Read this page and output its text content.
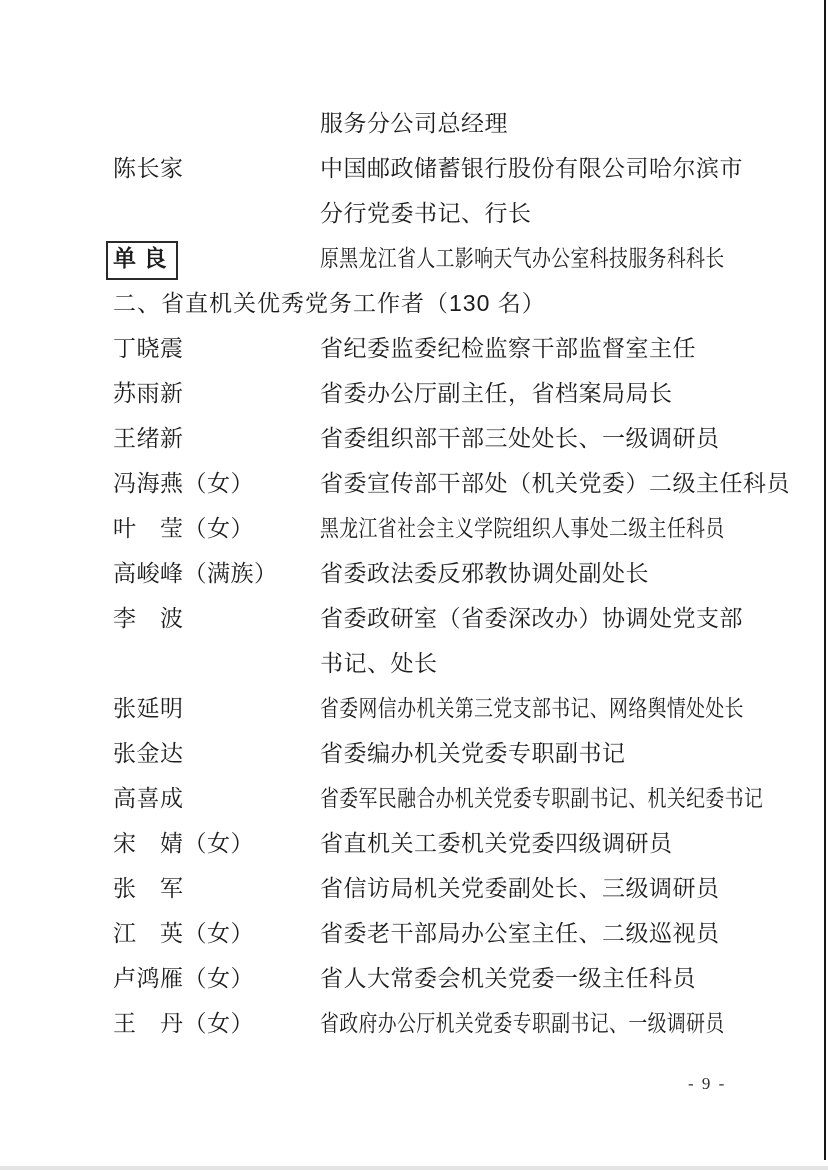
服务分公司总经理
陈长家	中国邮政储蓄银行股份有限公司哈尔滨市
分行党委书记、行长
单 良	原黑龙江省人工影响天气办公室科技服务科科长
二、省直机关优秀党务工作者（130 名）
丁晓震	省纪委监委纪检监察干部监督室主任
苏雨新	省委办公厅副主任，省档案局局长
王绪新	省委组织部干部三处处长、一级调研员
冯海燕（女）	省委宣传部干部处（机关党委）二级主任科员
叶　莹（女）	黑龙江省社会主义学院组织人事处二级主任科员
高峻峰（满族）	省委政法委反邪教协调处副处长
李　波	省委政研室（省委深改办）协调处党支部
书记、处长
张延明	省委网信办机关第三党支部书记、网络舆情处处长
张金达	省委编办机关党委专职副书记
高喜成	省委军民融合办机关党委专职副书记、机关纪委书记
宋　婧（女）	省直机关工委机关党委四级调研员
张　军	省信访局机关党委副处长、三级调研员
江　英（女）	省委老干部局办公室主任、二级巡视员
卢鸿雁（女）	省人大常委会机关党委一级主任科员
王　丹（女）	省政府办公厅机关党委专职副书记、一级调研员
- 9 -
